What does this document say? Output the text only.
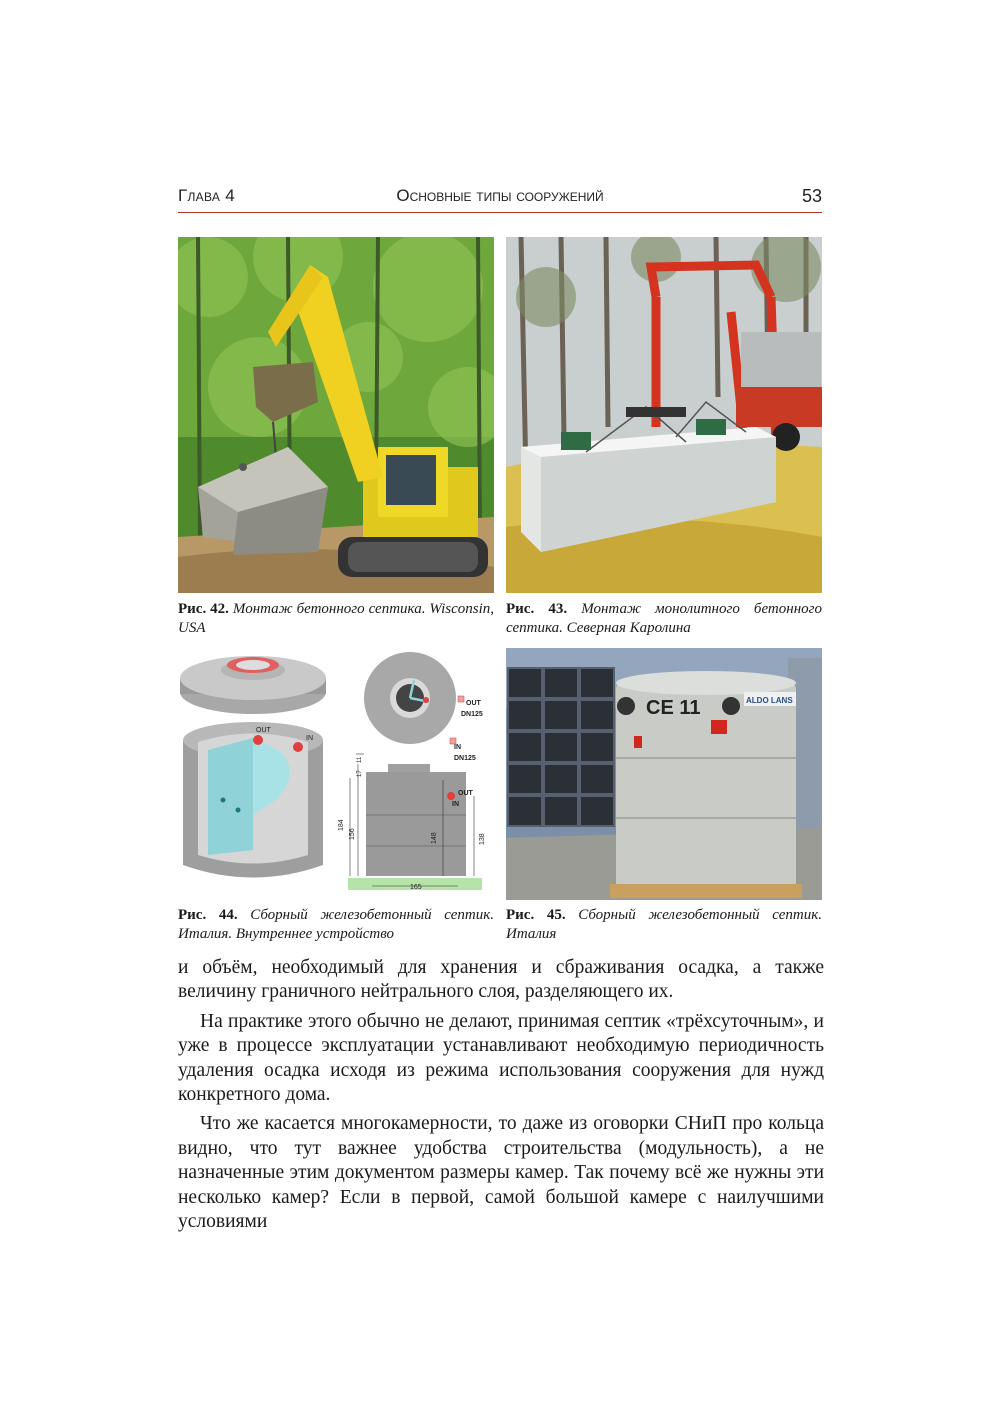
Глава 4	Основные типы сооружений	53
Рис. 42. Монтаж бетонного септика. Wisconsin, USA
Рис. 43. Монтаж монолитного бетонного септика. Северная Каролина
OUT
IN
OUT
DN125
IN
DN125
OUT
IN
184
156	148	138
165
17
11
CE 11	ALDO LANS
Рис. 44. Сборный железобетонный септик. Италия. Внутреннее устройство
Рис. 45. Сборный железобетонный септик. Италия

и объём, необходимый для хранения и сбраживания осадка, а также величину граничного нейтрального слоя, разделяющего их.

На практике этого обычно не делают, принимая септик «трёхсуточным», и уже в процессе эксплуатации устанавливают необходимую периодичность удаления осадка исходя из режима использования сооружения для нужд конкретного дома.

Что же касается многокамерности, то даже из оговорки СНиП про кольца видно, что тут важнее удобства строительства (модульность), а не назначенные этим документом размеры камер. Так почему всё же нужны эти несколько камер? Если в первой, самой большой камере с наилучшими условиями
